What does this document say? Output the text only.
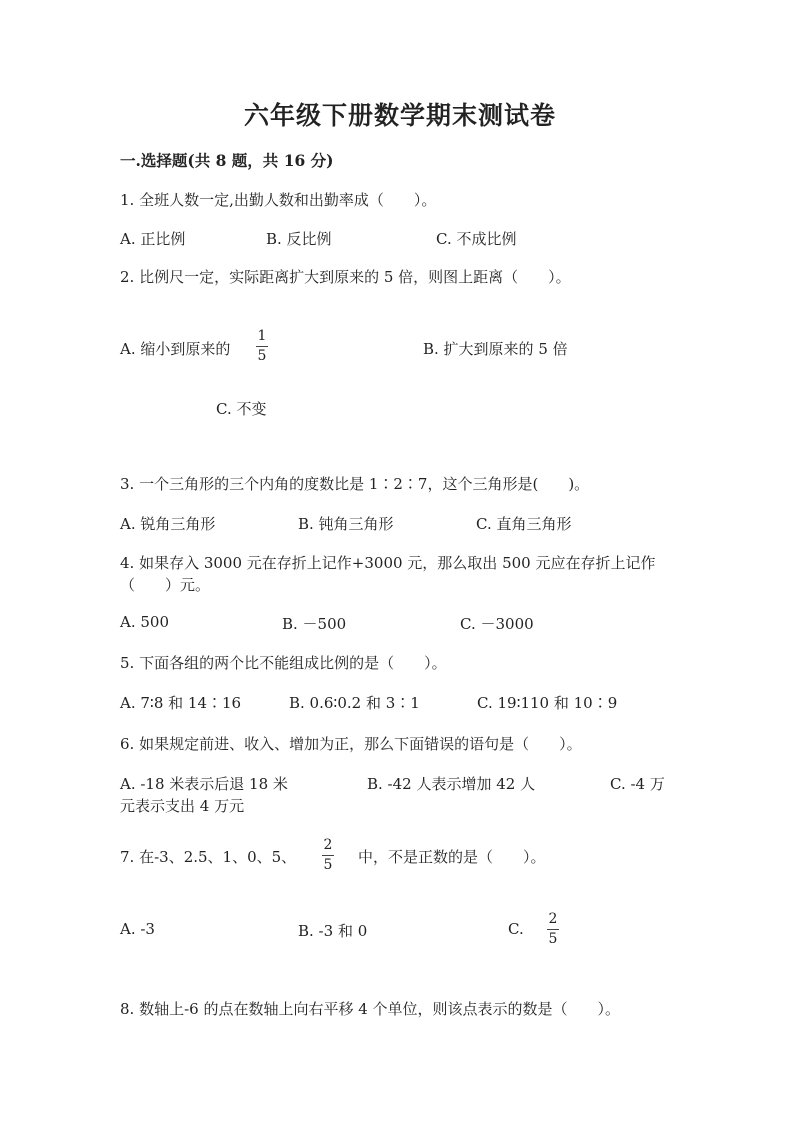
六年级下册数学期末测试卷
一.选择题(共 8 题，共 16 分)
1. 全班人数一定,出勤人数和出勤率成（　　）。
A. 正比例	B. 反比例	C. 不成比例
2. 比例尺一定，实际距离扩大到原来的 5 倍，则图上距离（　　）。
A. 缩小到原来的
1
5	B. 扩大到原来的 5 倍
C. 不变
3. 一个三角形的三个内角的度数比是 1∶2∶7，这个三角形是(　　)。
A. 锐角三角形	B. 钝角三角形	C. 直角三角形
4. 如果存入 3000 元在存折上记作+3000 元，那么取出 500 元应在存折上记作
（　　）元。
A. 500	B. －500	C. －3000
5. 下面各组的两个比不能组成比例的是（　　）。
A. 7∶8 和 14∶16	B. 0.6∶0.2 和 3∶1	C. 19∶110 和 10∶9
6. 如果规定前进、收入、增加为正，那么下面错误的语句是（　　）。
A. -18 米表示后退 18 米	B. -42 人表示增加 42 人	C. -4 万
元表示支出 4 万元
7. 在-3、2.5、1、0、5、
2
5 中，不是正数的是（　　）。
A. -3	B. -3 和 0	C.
2
5
8. 数轴上-6 的点在数轴上向右平移 4 个单位，则该点表示的数是（　　）。
